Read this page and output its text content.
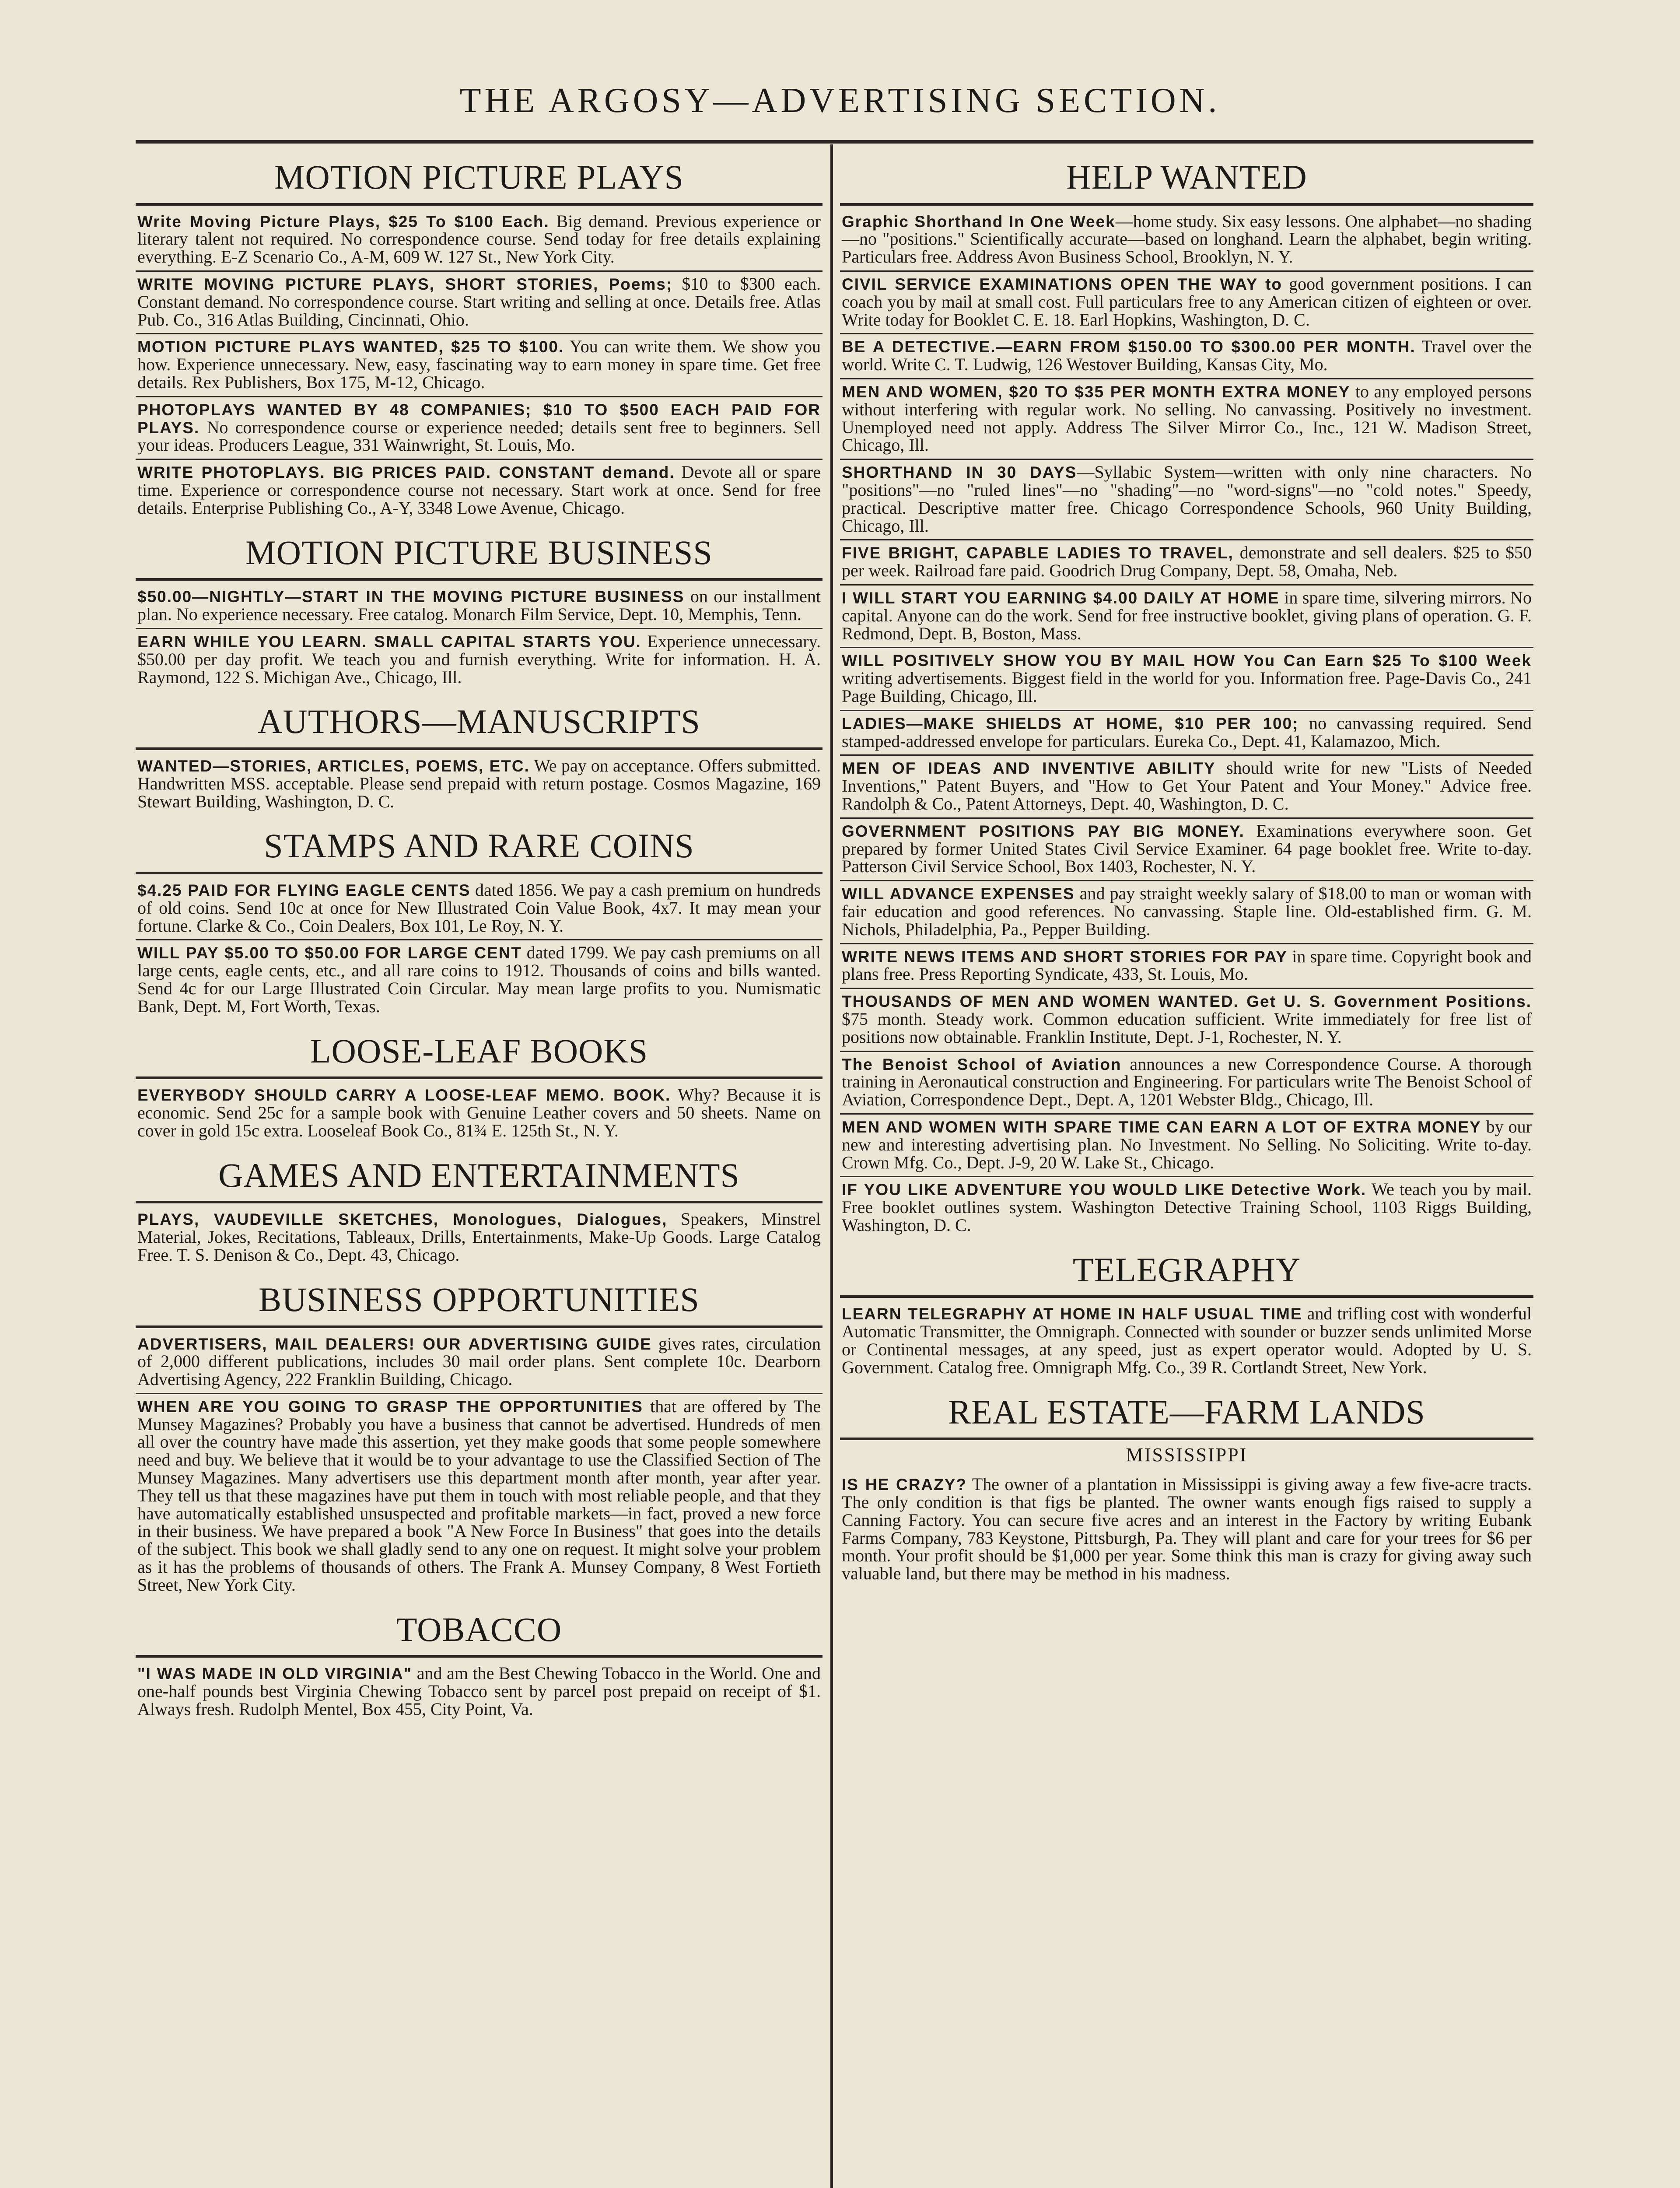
THE ARGOSY—ADVERTISING SECTION.
MOTION PICTURE PLAYS
Write Moving Picture Plays, $25 To $100 Each. Big demand. Previous experience or literary talent not required. No correspondence course. Send today for free details explaining everything. E-Z Scenario Co., A-M, 609 W. 127 St., New York City.
WRITE MOVING PICTURE PLAYS, SHORT STORIES, Poems; $10 to $300 each. Constant demand. No correspondence course. Start writing and selling at once. Details free. Atlas Pub. Co., 316 Atlas Building, Cincinnati, Ohio.
MOTION PICTURE PLAYS WANTED, $25 TO $100. You can write them. We show you how. Experience unnecessary. New, easy, fascinating way to earn money in spare time. Get free details. Rex Publishers, Box 175, M-12, Chicago.
PHOTOPLAYS WANTED BY 48 COMPANIES; $10 TO $500 EACH PAID FOR PLAYS. No correspondence course or experience needed; details sent free to beginners. Sell your ideas. Producers League, 331 Wainwright, St. Louis, Mo.
WRITE PHOTOPLAYS. BIG PRICES PAID. CONSTANT demand. Devote all or spare time. Experience or correspondence course not necessary. Start work at once. Send for free details. Enterprise Publishing Co., A-Y, 3348 Lowe Avenue, Chicago.
MOTION PICTURE BUSINESS
$50.00—NIGHTLY—START IN THE MOVING PICTURE BUSINESS on our installment plan. No experience necessary. Free catalog. Monarch Film Service, Dept. 10, Memphis, Tenn.
EARN WHILE YOU LEARN. SMALL CAPITAL STARTS YOU. Experience unnecessary. $50.00 per day profit. We teach you and furnish everything. Write for information. H. A. Raymond, 122 S. Michigan Ave., Chicago, Ill.
AUTHORS—MANUSCRIPTS
WANTED—STORIES, ARTICLES, POEMS, ETC. We pay on acceptance. Offers submitted. Handwritten MSS. acceptable. Please send prepaid with return postage. Cosmos Magazine, 169 Stewart Building, Washington, D. C.
STAMPS AND RARE COINS
$4.25 PAID FOR FLYING EAGLE CENTS dated 1856. We pay a cash premium on hundreds of old coins. Send 10c at once for New Illustrated Coin Value Book, 4x7. It may mean your fortune. Clarke & Co., Coin Dealers, Box 101, Le Roy, N. Y.
WILL PAY $5.00 TO $50.00 FOR LARGE CENT dated 1799. We pay cash premiums on all large cents, eagle cents, etc., and all rare coins to 1912. Thousands of coins and bills wanted. Send 4c for our Large Illustrated Coin Circular. May mean large profits to you. Numismatic Bank, Dept. M, Fort Worth, Texas.
LOOSE-LEAF BOOKS
EVERYBODY SHOULD CARRY A LOOSE-LEAF MEMO. BOOK. Why? Because it is economic. Send 25c for a sample book with Genuine Leather covers and 50 sheets. Name on cover in gold 15c extra. Looseleaf Book Co., 81¾ E. 125th St., N. Y.
GAMES AND ENTERTAINMENTS
PLAYS, VAUDEVILLE SKETCHES, Monologues, Dialogues, Speakers, Minstrel Material, Jokes, Recitations, Tableaux, Drills, Entertainments, Make-Up Goods. Large Catalog Free. T. S. Denison & Co., Dept. 43, Chicago.
BUSINESS OPPORTUNITIES
ADVERTISERS, MAIL DEALERS! OUR ADVERTISING GUIDE gives rates, circulation of 2,000 different publications, includes 30 mail order plans. Sent complete 10c. Dearborn Advertising Agency, 222 Franklin Building, Chicago.
WHEN ARE YOU GOING TO GRASP THE OPPORTUNITIES that are offered by The Munsey Magazines? Probably you have a business that cannot be advertised. Hundreds of men all over the country have made this assertion, yet they make goods that some people somewhere need and buy. We believe that it would be to your advantage to use the Classified Section of The Munsey Magazines. Many advertisers use this department month after month, year after year. They tell us that these magazines have put them in touch with most reliable people, and that they have automatically established unsuspected and profitable markets—in fact, proved a new force in their business. We have prepared a book "A New Force In Business" that goes into the details of the subject. This book we shall gladly send to any one on request. It might solve your problem as it has the problems of thousands of others. The Frank A. Munsey Company, 8 West Fortieth Street, New York City.
TOBACCO
"I WAS MADE IN OLD VIRGINIA" and am the Best Chewing Tobacco in the World. One and one-half pounds best Virginia Chewing Tobacco sent by parcel post prepaid on receipt of $1. Always fresh. Rudolph Mentel, Box 455, City Point, Va.
HELP WANTED
Graphic Shorthand In One Week—home study. Six easy lessons. One alphabet—no shading—no "positions." Scientifically accurate—based on longhand. Learn the alphabet, begin writing. Particulars free. Address Avon Business School, Brooklyn, N. Y.
CIVIL SERVICE EXAMINATIONS OPEN THE WAY to good government positions. I can coach you by mail at small cost. Full particulars free to any American citizen of eighteen or over. Write today for Booklet C. E. 18. Earl Hopkins, Washington, D. C.
BE A DETECTIVE.—EARN FROM $150.00 TO $300.00 PER MONTH. Travel over the world. Write C. T. Ludwig, 126 Westover Building, Kansas City, Mo.
MEN AND WOMEN, $20 TO $35 PER MONTH EXTRA MONEY to any employed persons without interfering with regular work. No selling. No canvassing. Positively no investment. Unemployed need not apply. Address The Silver Mirror Co., Inc., 121 W. Madison Street, Chicago, Ill.
SHORTHAND IN 30 DAYS—Syllabic System—written with only nine characters. No "positions"—no "ruled lines"—no "shading"—no "word-signs"—no "cold notes." Speedy, practical. Descriptive matter free. Chicago Correspondence Schools, 960 Unity Building, Chicago, Ill.
FIVE BRIGHT, CAPABLE LADIES TO TRAVEL, demonstrate and sell dealers. $25 to $50 per week. Railroad fare paid. Goodrich Drug Company, Dept. 58, Omaha, Neb.
I WILL START YOU EARNING $4.00 DAILY AT HOME in spare time, silvering mirrors. No capital. Anyone can do the work. Send for free instructive booklet, giving plans of operation. G. F. Redmond, Dept. B, Boston, Mass.
WILL POSITIVELY SHOW YOU BY MAIL HOW You Can Earn $25 To $100 Week writing advertisements. Biggest field in the world for you. Information free. Page-Davis Co., 241 Page Building, Chicago, Ill.
LADIES—MAKE SHIELDS AT HOME, $10 PER 100; no canvassing required. Send stamped-addressed envelope for particulars. Eureka Co., Dept. 41, Kalamazoo, Mich.
MEN OF IDEAS AND INVENTIVE ABILITY should write for new "Lists of Needed Inventions," Patent Buyers, and "How to Get Your Patent and Your Money." Advice free. Randolph & Co., Patent Attorneys, Dept. 40, Washington, D. C.
GOVERNMENT POSITIONS PAY BIG MONEY. Examinations everywhere soon. Get prepared by former United States Civil Service Examiner. 64 page booklet free. Write to-day. Patterson Civil Service School, Box 1403, Rochester, N. Y.
WILL ADVANCE EXPENSES and pay straight weekly salary of $18.00 to man or woman with fair education and good references. No canvassing. Staple line. Old-established firm. G. M. Nichols, Philadelphia, Pa., Pepper Building.
WRITE NEWS ITEMS AND SHORT STORIES FOR PAY in spare time. Copyright book and plans free. Press Reporting Syndicate, 433, St. Louis, Mo.
THOUSANDS OF MEN AND WOMEN WANTED. Get U. S. Government Positions. $75 month. Steady work. Common education sufficient. Write immediately for free list of positions now obtainable. Franklin Institute, Dept. J-1, Rochester, N. Y.
The Benoist School of Aviation announces a new Correspondence Course. A thorough training in Aeronautical construction and Engineering. For particulars write The Benoist School of Aviation, Correspondence Dept., Dept. A, 1201 Webster Bldg., Chicago, Ill.
MEN AND WOMEN WITH SPARE TIME CAN EARN A LOT OF EXTRA MONEY by our new and interesting advertising plan. No Investment. No Selling. No Soliciting. Write to-day. Crown Mfg. Co., Dept. J-9, 20 W. Lake St., Chicago.
IF YOU LIKE ADVENTURE YOU WOULD LIKE Detective Work. We teach you by mail. Free booklet outlines system. Washington Detective Training School, 1103 Riggs Building, Washington, D. C.
TELEGRAPHY
LEARN TELEGRAPHY AT HOME IN HALF USUAL TIME and trifling cost with wonderful Automatic Transmitter, the Omnigraph. Connected with sounder or buzzer sends unlimited Morse or Continental messages, at any speed, just as expert operator would. Adopted by U. S. Government. Catalog free. Omnigraph Mfg. Co., 39 R. Cortlandt Street, New York.
REAL ESTATE—FARM LANDS
MISSISSIPPI
IS HE CRAZY? The owner of a plantation in Mississippi is giving away a few five-acre tracts. The only condition is that figs be planted. The owner wants enough figs raised to supply a Canning Factory. You can secure five acres and an interest in the Factory by writing Eubank Farms Company, 783 Keystone, Pittsburgh, Pa. They will plant and care for your trees for $6 per month. Your profit should be $1,000 per year. Some think this man is crazy for giving away such valuable land, but there may be method in his madness.
